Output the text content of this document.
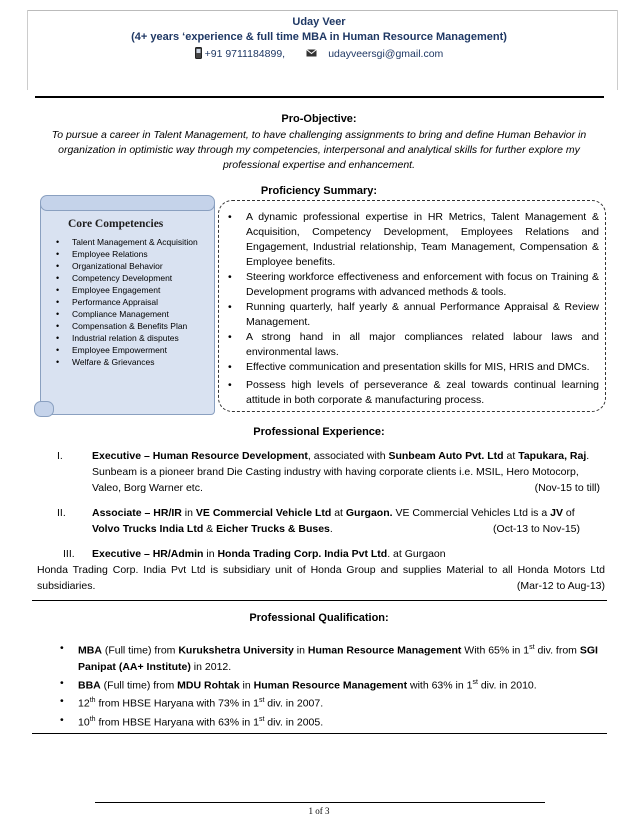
Uday Veer
(4+ years ‘experience & full time MBA in Human Resource Management)
+91 9711184899,	udayveersgi@gmail.com
Pro-Objective:
To pursue a career in Talent Management, to have challenging assignments to bring and define Human Behavior in organization in optimistic way through my competencies, interpersonal and analytical skills for further explore my professional expertise and enhancement.
Proficiency Summary:
Core Competencies
• Talent Management & Acquisition
• Employee Relations
• Organizational Behavior
• Competency Development
• Employee Engagement
• Performance Appraisal
• Compliance Management
• Compensation & Benefits Plan
• Industrial relation & disputes
• Employee Empowerment
• Welfare & Grievances
• A dynamic professional expertise in HR Metrics, Talent Management & Acquisition, Competency Development, Employees Relations and Engagement, Industrial relationship, Team Management, Compensation & Employee benefits.
• Steering workforce effectiveness and enforcement with focus on Training & Development programs with advanced methods & tools.
• Running quarterly, half yearly & annual Performance Appraisal & Review Management.
• A strong hand in all major compliances related labour laws and environmental laws.
• Effective communication and presentation skills for MIS, HRIS and DMCs.
• Possess high levels of perseverance & zeal towards continual learning attitude in both corporate & manufacturing process.
Professional Experience:
I.	Executive – Human Resource Development, associated with Sunbeam Auto Pvt. Ltd at Tapukara, Raj.
Sunbeam is a pioneer brand Die Casting industry with having corporate clients i.e. MSIL, Hero Motocorp, Valeo, Borg Warner etc.	(Nov-15 to till)
II.	Associate – HR/IR in VE Commercial Vehicle Ltd at Gurgaon. VE Commercial Vehicles Ltd is a JV of Volvo Trucks India Ltd & Eicher Trucks & Buses.	(Oct-13 to Nov-15)
III.	Executive – HR/Admin in Honda Trading Corp. India Pvt Ltd. at Gurgaon
Honda Trading Corp. India Pvt Ltd is subsidiary unit of Honda Group and supplies Material to all Honda Motors Ltd subsidiaries.	(Mar-12 to Aug-13)
Professional Qualification:
• MBA (Full time) from Kurukshetra University in Human Resource Management With 65% in 1st div. from SGI Panipat (AA+ Institute) in 2012.
• BBA (Full time) from MDU Rohtak in Human Resource Management with 63% in 1st div. in 2010.
• 12th from HBSE Haryana with 73% in 1st div. in 2007.
• 10th from HBSE Haryana with 63% in 1st div. in 2005.
1 of 3
